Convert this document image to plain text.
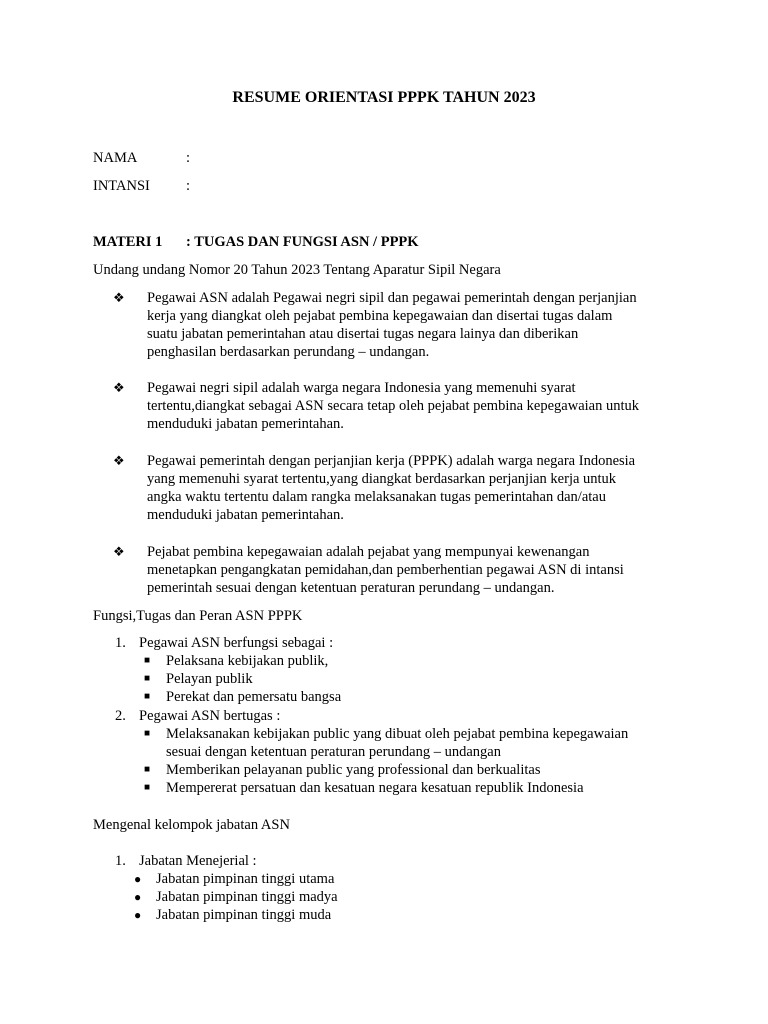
RESUME ORIENTASI PPPK TAHUN 2023
NAMA	:
INTANSI :
MATERI 1 : TUGAS DAN FUNGSI ASN / PPPK
Undang undang Nomor 20 Tahun 2023 Tentang Aparatur Sipil Negara
❖ Pegawai ASN adalah Pegawai negri sipil dan pegawai pemerintah dengan perjanjian
kerja yang diangkat oleh pejabat pembina kepegawaian dan disertai tugas dalam
suatu jabatan pemerintahan atau disertai tugas negara lainya dan diberikan
penghasilan berdasarkan perundang – undangan.
❖ Pegawai negri sipil adalah warga negara Indonesia yang memenuhi syarat
tertentu,diangkat sebagai ASN secara tetap oleh pejabat pembina kepegawaian untuk
menduduki jabatan pemerintahan.
❖ Pegawai pemerintah dengan perjanjian kerja (PPPK) adalah warga negara Indonesia
yang memenuhi syarat tertentu,yang diangkat berdasarkan perjanjian kerja untuk
angka waktu tertentu dalam rangka melaksanakan tugas pemerintahan dan/atau
menduduki jabatan pemerintahan.
❖ Pejabat pembina kepegawaian adalah pejabat yang mempunyai kewenangan
menetapkan pengangkatan pemidahan,dan pemberhentian pegawai ASN di intansi
pemerintah sesuai dengan ketentuan peraturan perundang – undangan.
Fungsi,Tugas dan Peran ASN PPPK
1. Pegawai ASN berfungsi sebagai :
■ Pelaksana kebijakan publik,
■ Pelayan publik
■ Perekat dan pemersatu bangsa
2. Pegawai ASN bertugas :
■ Melaksanakan kebijakan public yang dibuat oleh pejabat pembina kepegawaian
sesuai dengan ketentuan peraturan perundang – undangan
■ Memberikan pelayanan public yang professional dan berkualitas
■ Mempererat persatuan dan kesatuan negara kesatuan republik Indonesia
Mengenal kelompok jabatan ASN
1. Jabatan Menejerial :
● Jabatan pimpinan tinggi utama
● Jabatan pimpinan tinggi madya
● Jabatan pimpinan tinggi muda
